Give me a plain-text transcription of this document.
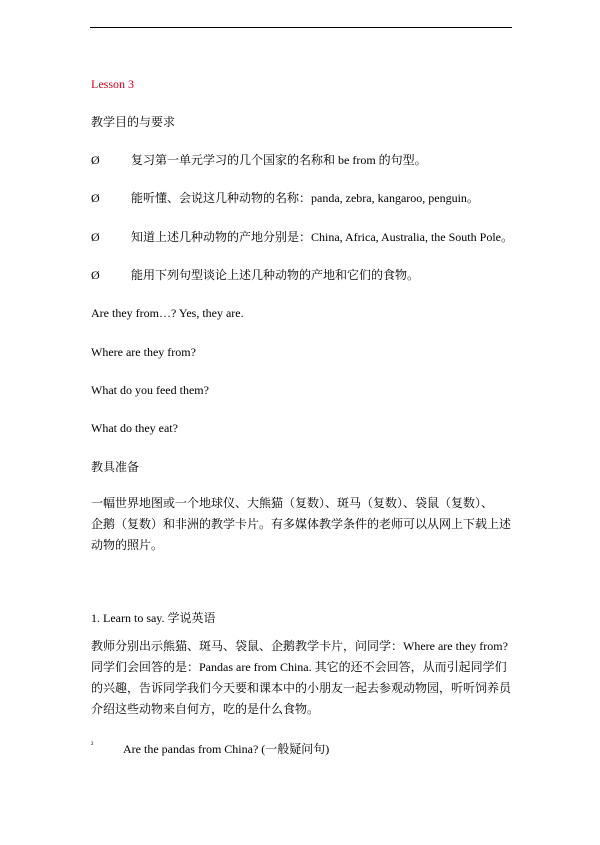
Lesson 3

教学目的与要求

Ø	复习第一单元学习的几个国家的名称和 be from 的句型。
Ø	能听懂、会说这几种动物的名称：panda, zebra, kangaroo, penguin。
Ø	知道上述几种动物的产地分别是：China, Africa, Australia, the South Pole。
Ø	能用下列句型谈论上述几种动物的产地和它们的食物。

Are they from…? Yes, they are.

Where are they from?

What do you feed them?

What do they eat?

教具准备

一幅世界地图或一个地球仪、大熊猫（复数）、斑马（复数）、袋鼠（复数）、
企鹅（复数）和非洲的教学卡片。有多媒体教学条件的老师可以从网上下载上述
动物的照片。

1. Learn to say. 学说英语

教师分别出示熊猫、斑马、袋鼠、企鹅教学卡片，问同学：Where are they from?
同学们会回答的是：Pandas are from China. 其它的还不会回答，从而引起同学们
的兴趣，告诉同学我们今天要和课本中的小朋友一起去参观动物园，听听饲养员
介绍这些动物来自何方，吃的是什么食物。
² Are the pandas from China? (一般疑问句)
